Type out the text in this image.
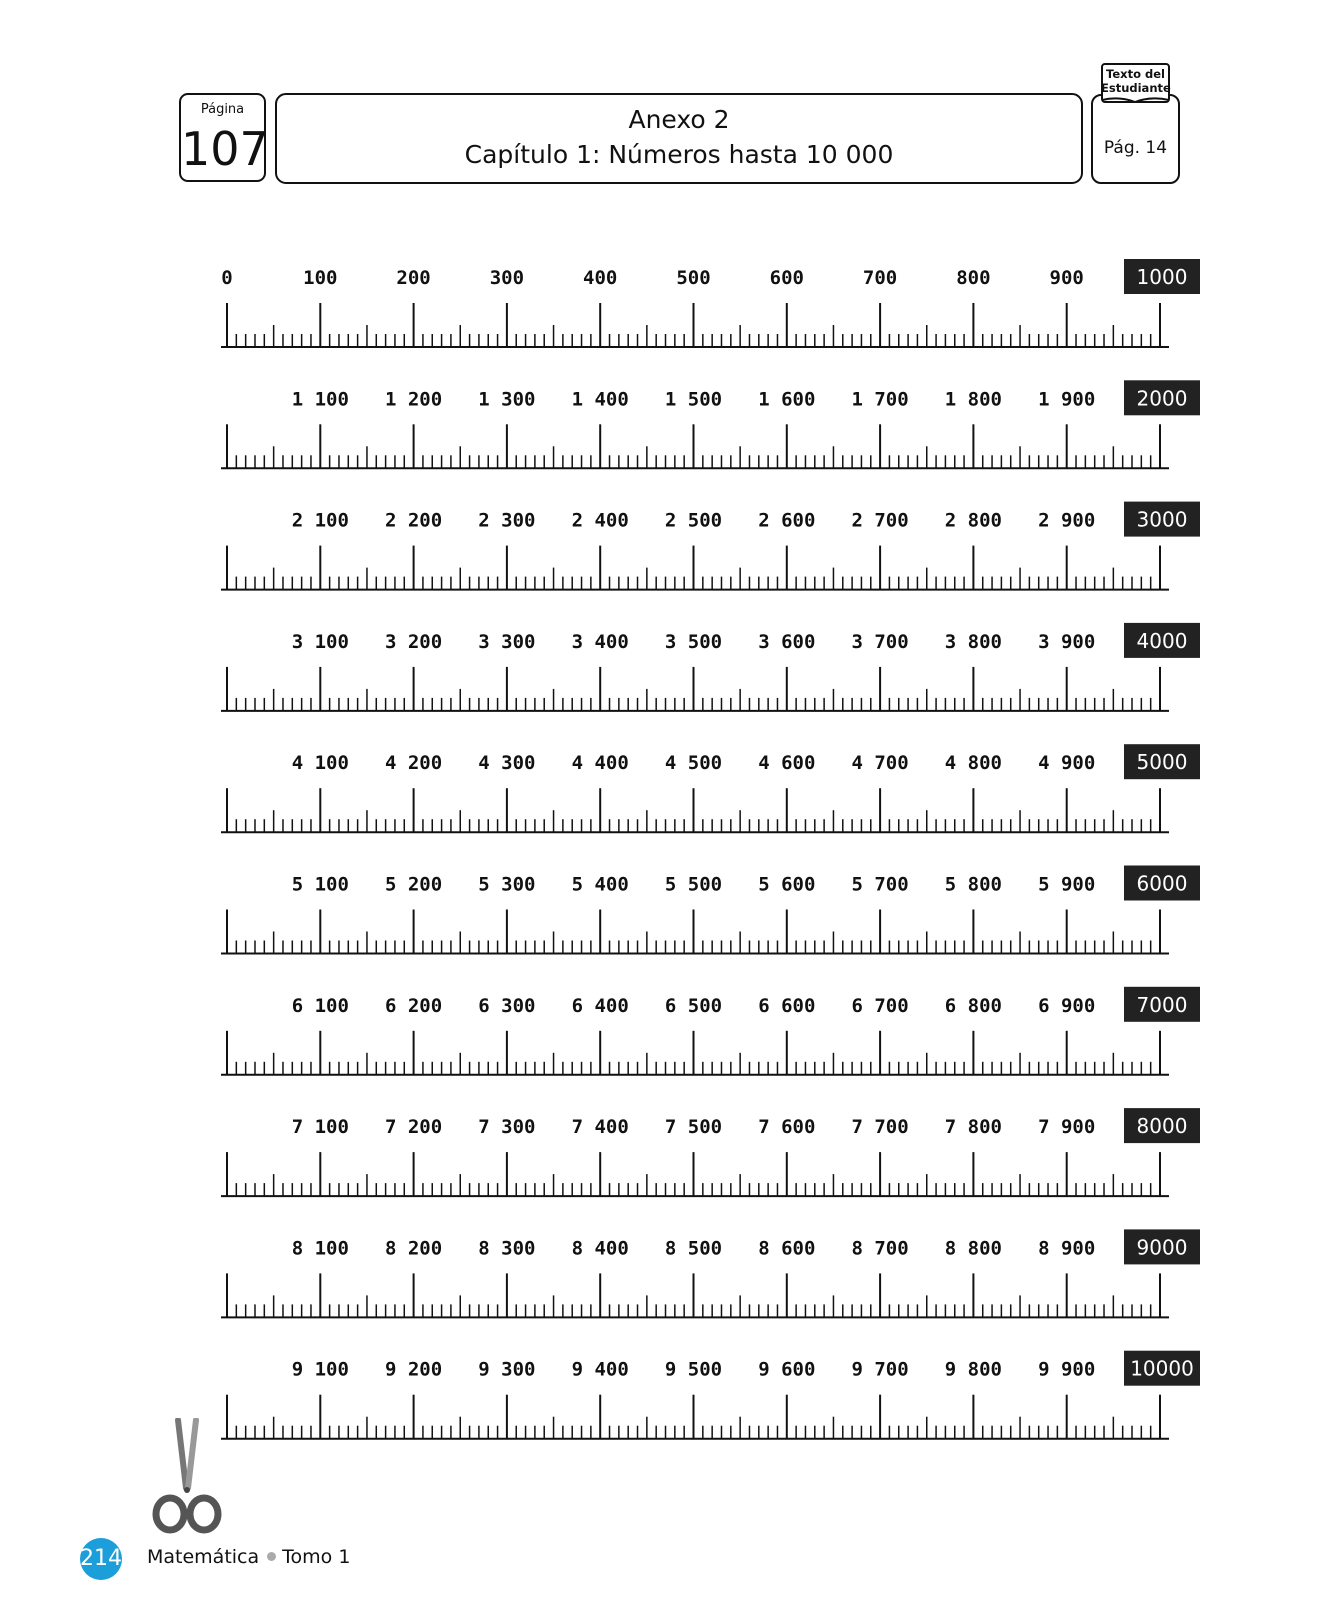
Página
107
Anexo 2
Capítulo 1: Números hasta 10 000
Texto del Estudiante
Pág. 14
0	100	200	300	400	500	600	700	800	900	1000
1 100 1 200 1 300 1 400 1 500 1 600 1 700 1 800 1 900 2000
2 100 2 200 2 300 2 400 2 500 2 600 2 700 2 800 2 900 3000
3 100 3 200 3 300 3 400 3 500 3 600 3 700 3 800 3 900 4000
4 100 4 200 4 300 4 400 4 500 4 600 4 700 4 800 4 900 5000
5 100 5 200 5 300 5 400 5 500 5 600 5 700 5 800 5 900 6000
6 100 6 200 6 300 6 400 6 500 6 600 6 700 6 800 6 900 7000
7 100 7 200 7 300 7 400 7 500 7 600 7 700 7 800 7 900 8000
8 100 8 200 8 300 8 400 8 500 8 600 8 700 8 800 8 900 9000
9 100 9 200 9 300 9 400 9 500 9 600 9 700 9 800 9 900 10000
214 Matemática Tomo 1
